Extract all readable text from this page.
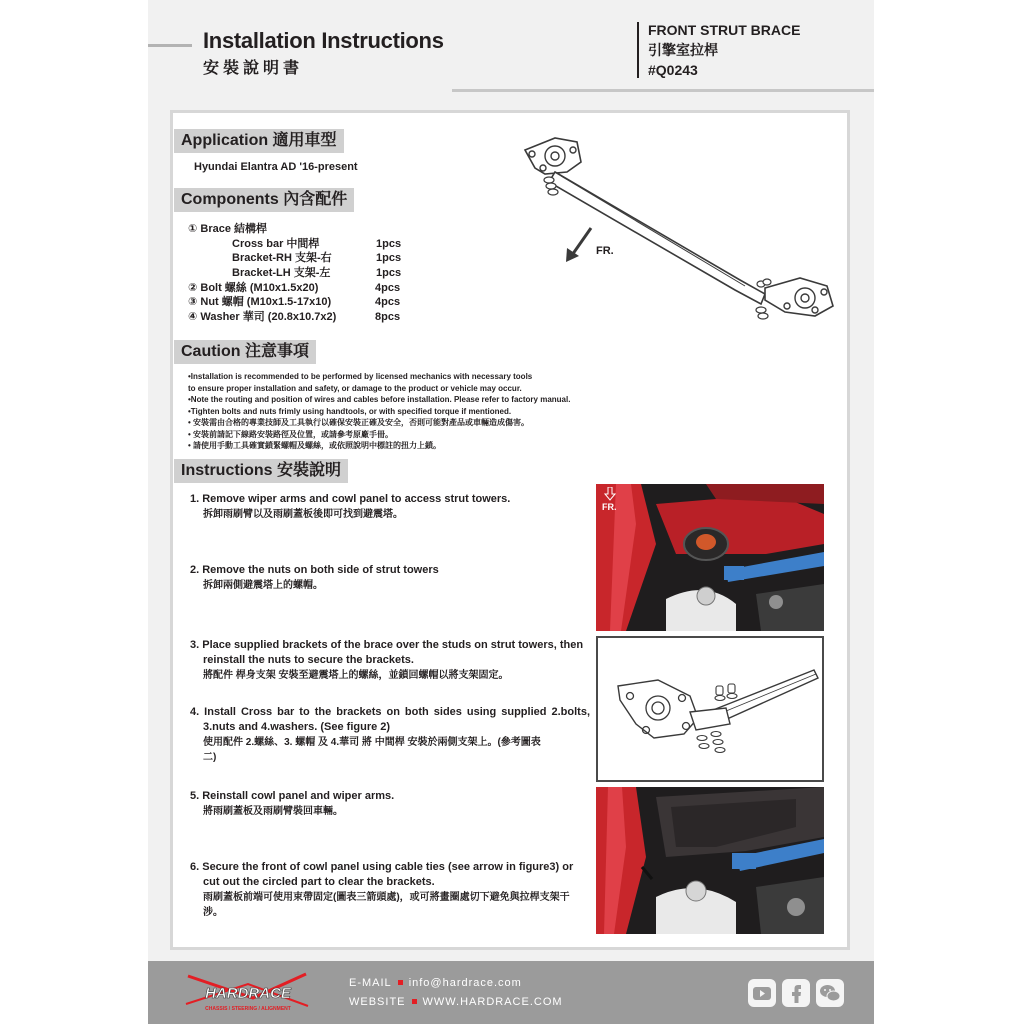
Installation Instructions
安裝說明書
FRONT STRUT BRACE
引擎室拉桿
#Q0243
Application 適用車型
Hyundai Elantra AD '16-present
Components 內含配件
① Brace 結構桿
Cross bar 中間桿	1pcs
Bracket-RH 支架-右	1pcs
Bracket-LH 支架-左	1pcs
② Bolt 螺絲 (M10x1.5x20)	4pcs
③ Nut 螺帽 (M10x1.5-17x10)	4pcs
④ Washer 華司 (20.8x10.7x2)	8pcs
FR.
Caution 注意事項
•Installation is recommended to be performed by licensed mechanics with necessary tools
to ensure proper installation and safety, or damage to the product or vehicle may occur.
•Note the routing and position of wires and cables before installation. Please refer to factory manual.
•Tighten bolts and nuts frimly using handtools, or with specified torque if mentioned.
• 安裝需由合格的專業技師及工具執行以確保安裝正確及安全，否則可能對產品或車輛造成傷害。
• 安裝前請記下線路安裝路徑及位置，或請參考原廠手冊。
• 請使用手動工具確實鎖緊螺帽及螺絲，或依照說明中標註的扭力上鎖。
Instructions 安裝說明
1. Remove wiper arms and cowl panel to access strut towers.
拆卸雨刷臂以及雨刷蓋板後即可找到避震塔。
2. Remove the nuts on both side of strut towers
拆卸兩側避震塔上的螺帽。
3. Place supplied brackets of the brace over the studs on strut towers, then reinstall the nuts to secure the brackets.
將配件 桿身支架 安裝至避震塔上的螺絲，並鎖回螺帽以將支架固定。
4. Install Cross bar to the brackets on both sides using supplied 2.bolts, 3.nuts and 4.washers. (See figure 2)
使用配件 2.螺絲、3. 螺帽 及 4.華司 將 中間桿 安裝於兩側支架上。(參考圖表二)
5. Reinstall cowl panel and wiper arms.
將雨刷蓋板及雨刷臂裝回車輛。
6. Secure the front of cowl panel using cable ties (see arrow in figure3) or cut out the circled part to clear the brackets.
雨刷蓋板前端可使用束帶固定(圖表三箭頭處)，或可將畫圈處切下避免與拉桿支架干涉。
FR.
HARDRACE
CHASSIS / STEERING / ALIGNMENT
E-MAIL info@hardrace.com
WEBSITE WWW.HARDRACE.COM
